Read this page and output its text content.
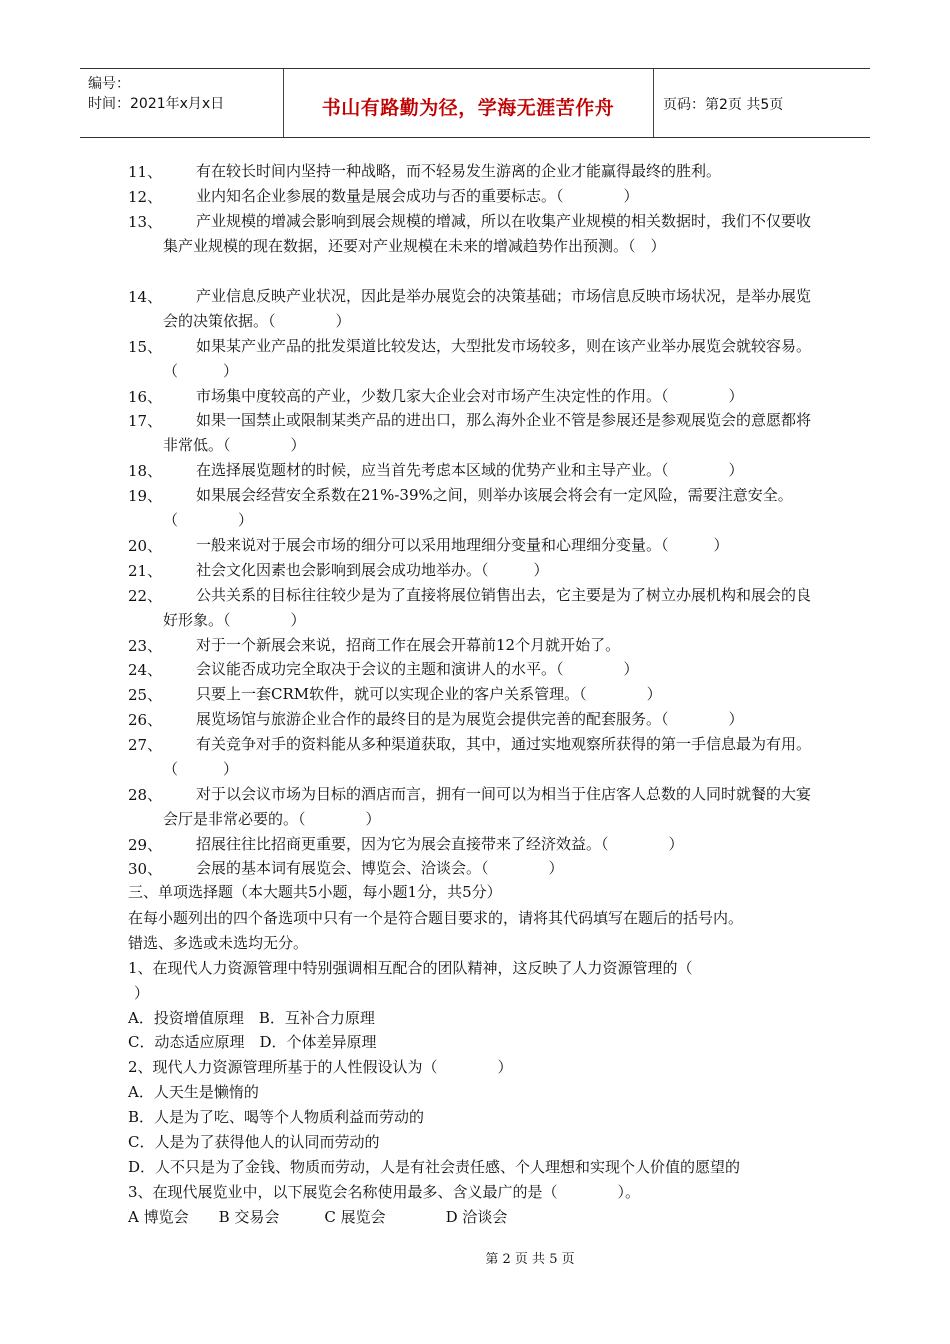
编号：
时间：2021年x月x日	书山有路勤为径，学海无涯苦作舟	页码：第2页 共5页
11、	有在较长时间内坚持一种战略，而不轻易发生游离的企业才能赢得最终的胜利。
12、	业内知名企业参展的数量是展会成功与否的重要标志。（　　　　）
13、	产业规模的增减会影响到展会规模的增减，所以在收集产业规模的相关数据时，我们不仅要收集产业规模的现在数据，还要对产业规模在未来的增减趋势作出预测。（　）
14、	产业信息反映产业状况，因此是举办展览会的决策基础；市场信息反映市场状况，是举办展览会的决策依据。（　　　　）
15、	如果某产业产品的批发渠道比较发达，大型批发市场较多，则在该产业举办展览会就较容易。（　　　）
16、	市场集中度较高的产业，少数几家大企业会对市场产生决定性的作用。（　　　　）
17、	如果一国禁止或限制某类产品的进出口，那么海外企业不管是参展还是参观展览会的意愿都将非常低。（　　　　）
18、	在选择展览题材的时候，应当首先考虑本区域的优势产业和主导产业。（　　　　）
19、	如果展会经营安全系数在21%-39%之间，则举办该展会将会有一定风险，需要注意安全。（　　　　）
20、	一般来说对于展会市场的细分可以采用地理细分变量和心理细分变量。（　　　）
21、	社会文化因素也会影响到展会成功地举办。（　　　）
22、	公共关系的目标往往较少是为了直接将展位销售出去，它主要是为了树立办展机构和展会的良好形象。（　　　　）
23、	对于一个新展会来说，招商工作在展会开幕前12个月就开始了。
24、	会议能否成功完全取决于会议的主题和演讲人的水平。（　　　　）
25、	只要上一套CRM软件，就可以实现企业的客户关系管理。（　　　　）
26、	展览场馆与旅游企业合作的最终目的是为展览会提供完善的配套服务。（　　　　）
27、	有关竞争对手的资料能从多种渠道获取，其中，通过实地观察所获得的第一手信息最为有用。（　　　）
28、	对于以会议市场为目标的酒店而言，拥有一间可以为相当于住店客人总数的人同时就餐的大宴会厅是非常必要的。（　　　　）
29、	招展往往比招商更重要，因为它为展会直接带来了经济效益。（　　　　）
30、	会展的基本词有展览会、博览会、洽谈会。（　　　　）
三、单项选择题（本大题共5小题，每小题1分，共5分）
在每小题列出的四个备选项中只有一个是符合题目要求的，请将其代码填写在题后的括号内。
错选、多选或未选均无分。
1、在现代人力资源管理中特别强调相互配合的团队精神，这反映了人力资源管理的（
）
A．投资增值原理　B．互补合力原理
C．动态适应原理　D．个体差异原理
2、现代人力资源管理所基于的人性假设认为（　　　　）
A．人天生是懒惰的
B．人是为了吃、喝等个人物质利益而劳动的
C．人是为了获得他人的认同而劳动的
D．人不只是为了金钱、物质而劳动，人是有社会责任感、个人理想和实现个人价值的愿望的
3、在现代展览业中，以下展览会名称使用最多、含义最广的是（　　　　）。
A 博览会　　B 交易会　　　C 展览会　　　　D 洽谈会
第 2 页 共 5 页
